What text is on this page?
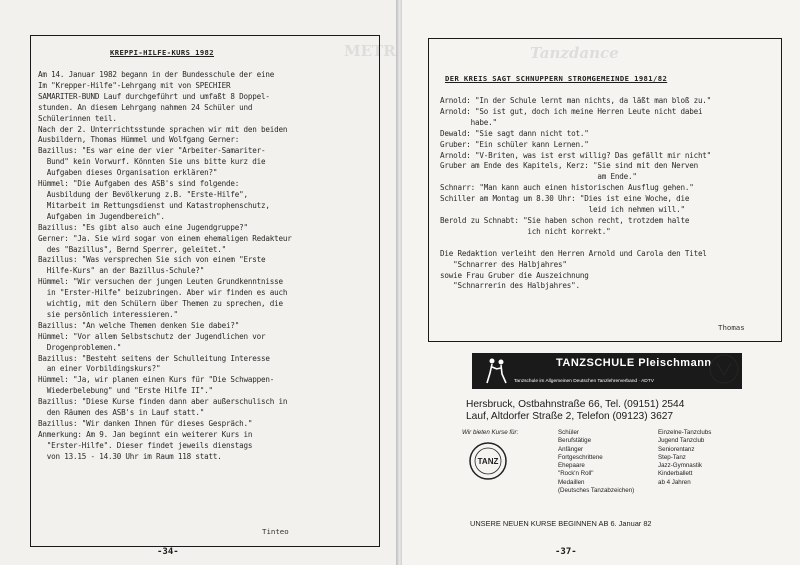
METR
KREPPI-HILFE-KURS 1982
Am 14. Januar 1982 begann in der Bundesschule der eine
Im "Krepper-Hilfe"-Lehrgang mit von SPECHIER
SAMARITER-BUND Lauf durchgeführt und umfaßt 8 Doppel-
stunden. An diesem Lehrgang nahmen 24 Schüler und
Schülerinnen teil.
Nach der 2. Unterrichtsstunde sprachen wir mit den beiden
Ausbildern, Thomas Hümmel und Wolfgang Gerner:
Bazillus: "Es war eine der vier "Arbeiter-Samariter-
Bund" kein Vorwurf. Könnten Sie uns bitte kurz die
Aufgaben dieses Organisation erklären?"
Hümmel: "Die Aufgaben des ASB's sind folgende:
Ausbildung der Bevölkerung z.B. "Erste-Hilfe",
Mitarbeit im Rettungsdienst und Katastrophenschutz,
Aufgaben im Jugendbereich".
Bazillus: "Es gibt also auch eine Jugendgruppe?"
Gerner: "Ja. Sie wird sogar von einem ehemaligen Redakteur
des "Bazillus", Bernd Sperrer, geleitet."
Bazillus: "Was versprechen Sie sich von einem "Erste
Hilfe-Kurs" an der Bazillus-Schule?"
Hümmel: "Wir versuchen der jungen Leuten Grundkenntnisse
in "Erster-Hilfe" beizubringen. Aber wir finden es auch
wichtig, mit den Schülern über Themen zu sprechen, die
sie persönlich interessieren."
Bazillus: "An welche Themen denken Sie dabei?"
Hümmel: "Vor allem Selbstschutz der Jugendlichen vor
Drogenproblemen."
Bazillus: "Besteht seitens der Schulleitung Interesse
an einer Vorbildingskurs?"
Hümmel: "Ja, wir planen einen Kurs für "Die Schwappen-
Wiederbelebung" und "Erste Hilfe II"."
Bazillus: "Diese Kurse finden dann aber außerschulisch in
den Räumen des ASB's in Lauf statt."
Bazillus: "Wir danken Ihnen für dieses Gespräch."
Anmerkung: Am 9. Jan beginnt ein weiterer Kurs in
"Erster-Hilfe". Dieser findet jeweils dienstags
von 13.15 - 14.30 Uhr im Raum 118 statt.
Tinteo
-34-
Tanzdance
DER KREIS SAGT SCHNUPPERN STROMGEMEINDE 1981/82
Arnold: "In der Schule lernt man nichts, da läßt man bloß zu."
Arnold: "So ist gut, doch ich meine Herren Leute nicht dabei
habe."
Dewald: "Sie sagt dann nicht tot."
Gruber: "Ein schüler kann Lernen."
Arnold: "V-Briten, was ist erst willig? Das gefällt mir nicht"
Gruber am Ende des Kapitels, Kerz: "Sie sind mit den Nerven
am Ende."
Schnarr: "Man kann auch einen historischen Ausflug gehen."
Schiller am Montag um 8.30 Uhr: "Dies ist eine Woche, die
leid ich nehmen will."
Berold zu Schnabt: "Sie haben schon recht, trotzdem halte
ich nicht korrekt."

Die Redaktion verleiht den Herren Arnold und Carola den Titel
"Schnarrer des Halbjahres"
sowie Frau Gruber die Auszeichnung
"Schnarrerin des Halbjahres".
Thomas
-37-
TANZSCHULE Pleischmann
Tanzschule im Allgemeinen Deutschen Tanzlehrerverband · ADTV
Hersbruck, Ostbahnstraße 66, Tel. (09151) 2544
Lauf, Altdorfer Straße 2, Telefon (09123) 3627
Wir bieten Kurse für:	Schüler
Berufstätige
Anfänger
Fortgeschrittene
Ehepaare
"Rock'n Roll"
Medaillen
(Deutsches Tanzabzeichen)
Einzelne-Tanzclubs
Jugend Tanzclub
Seniorentanz
Step-Tanz
Jazz-Gymnastik
Kinderballett
ab 4 Jahren
TANZ
UNSERE NEUEN KURSE BEGINNEN AB 6. Januar 82
